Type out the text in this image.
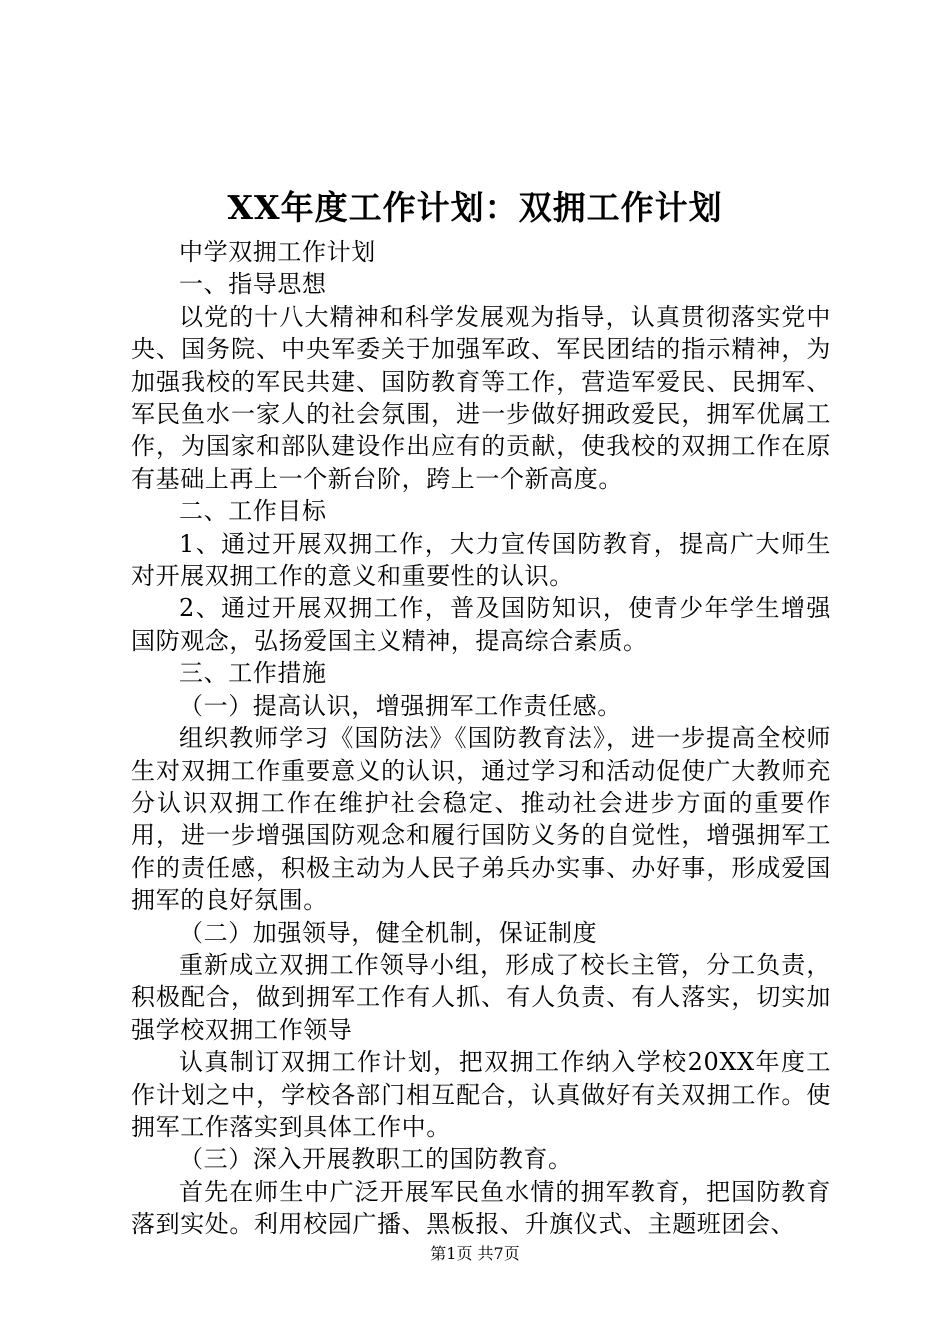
XX年度工作计划：双拥工作计划

中学双拥工作计划

一、指导思想

以党的十八大精神和科学发展观为指导，认真贯彻落实党中央、国务院、中央军委关于加强军政、军民团结的指示精神，为加强我校的军民共建、国防教育等工作，营造军爱民、民拥军、军民鱼水一家人的社会氛围，进一步做好拥政爱民，拥军优属工作，为国家和部队建设作出应有的贡献，使我校的双拥工作在原有基础上再上一个新台阶，跨上一个新高度。

二、工作目标

1、通过开展双拥工作，大力宣传国防教育，提高广大师生对开展双拥工作的意义和重要性的认识。

2、通过开展双拥工作，普及国防知识，使青少年学生增强国防观念，弘扬爱国主义精神，提高综合素质。

三、工作措施

（一）提高认识，增强拥军工作责任感。

组织教师学习《国防法》《国防教育法》，进一步提高全校师生对双拥工作重要意义的认识，通过学习和活动促使广大教师充分认识双拥工作在维护社会稳定、推动社会进步方面的重要作用，进一步增强国防观念和履行国防义务的自觉性，增强拥军工作的责任感，积极主动为人民子弟兵办实事、办好事，形成爱国拥军的良好氛围。

（二）加强领导，健全机制，保证制度

重新成立双拥工作领导小组，形成了校长主管，分工负责，积极配合，做到拥军工作有人抓、有人负责、有人落实，切实加强学校双拥工作领导

认真制订双拥工作计划，把双拥工作纳入学校20XX年度工作计划之中，学校各部门相互配合，认真做好有关双拥工作。使拥军工作落实到具体工作中。

（三）深入开展教职工的国防教育。

首先在师生中广泛开展军民鱼水情的拥军教育，把国防教育落到实处。利用校园广播、黑板报、升旗仪式、主题班团会、

第1页 共7页
